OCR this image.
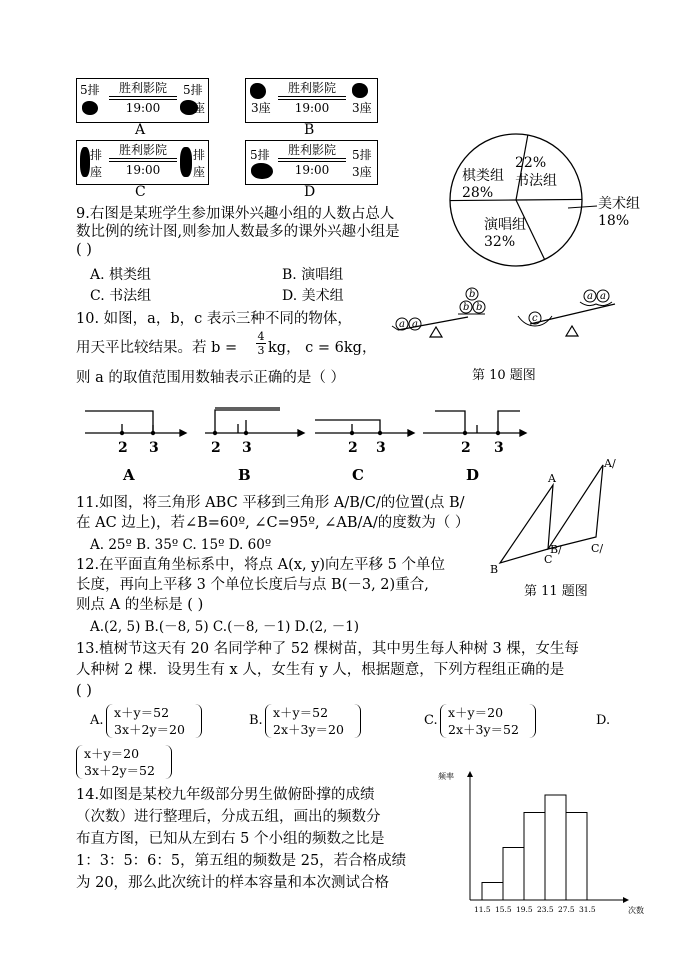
5排	胜利影院
19:00
5排
座
A
3座
胜利影院
19:00	3座
B
排
座
胜利影院
19:00
排
座
C
5排	胜利影院
19:00
5排
3座
D
棋类组
28%
22%
书法组
演唱组
32%
美术组
18%
9.右图是某班学生参加课外兴趣小组的人数占总人
数比例的统计图,则参加人数最多的课外兴趣小组是
( )
A. 棋类组	B. 演唱组
C. 书法组	D. 美术组
10. 如图，a，b，c 表示三种不同的物体，
用天平比较结果。若 $b = \frac{4}{3}$ kg， c = 6kg，
则 a 的取值范围用数轴表示正确的是（ ）
a a
b
b b
c
a a
第 10 题图
2 3	2 3	2 3	2 3
A	B	C	D
11.如图，将三角形 ABC 平移到三角形 A/B/C/的位置(点 B/
在 AC 边上)，若∠B=60º, ∠C=95º, ∠AB/A/的度数为（ ）
A. 25º B. 35º C. 15º D. 60º
A
B
C
A/
B/	C/
第 11 题图
12.在平面直角坐标系中，将点 A(x, y)向左平移 5 个单位
长度，再向上平移 3 个单位长度后与点 B(－3, 2)重合,
则点 A 的坐标是 ( )
A.(2, 5) B.(－8, 5) C.(－8, －1) D.(2, －1)
13.植树节这天有 20 名同学种了 52 棵树苗，其中男生每人种树 3 棵，女生每
人种树 2 棵．设男生有 x 人，女生有 y 人，根据题意，下列方程组正确的是
( )
A.
x＋y＝52
3x＋2y＝20
B.
x＋y＝52
2x＋3y＝20
C.
x＋y＝20
2x＋3y＝52
D.
x＋y＝20
3x＋2y＝52
14.如图是某校九年级部分男生做俯卧撑的成绩
（次数）进行整理后，分成五组，画出的频数分
布直方图，已知从左到右 5 个小组的频数之比是
1：3：5：6：5，第五组的频数是 25，若合格成绩
为 20，那么此次统计的样本容量和本次测试合格
频率
次数
11.5 15.5 19.5 23.5 27.5 31.5
